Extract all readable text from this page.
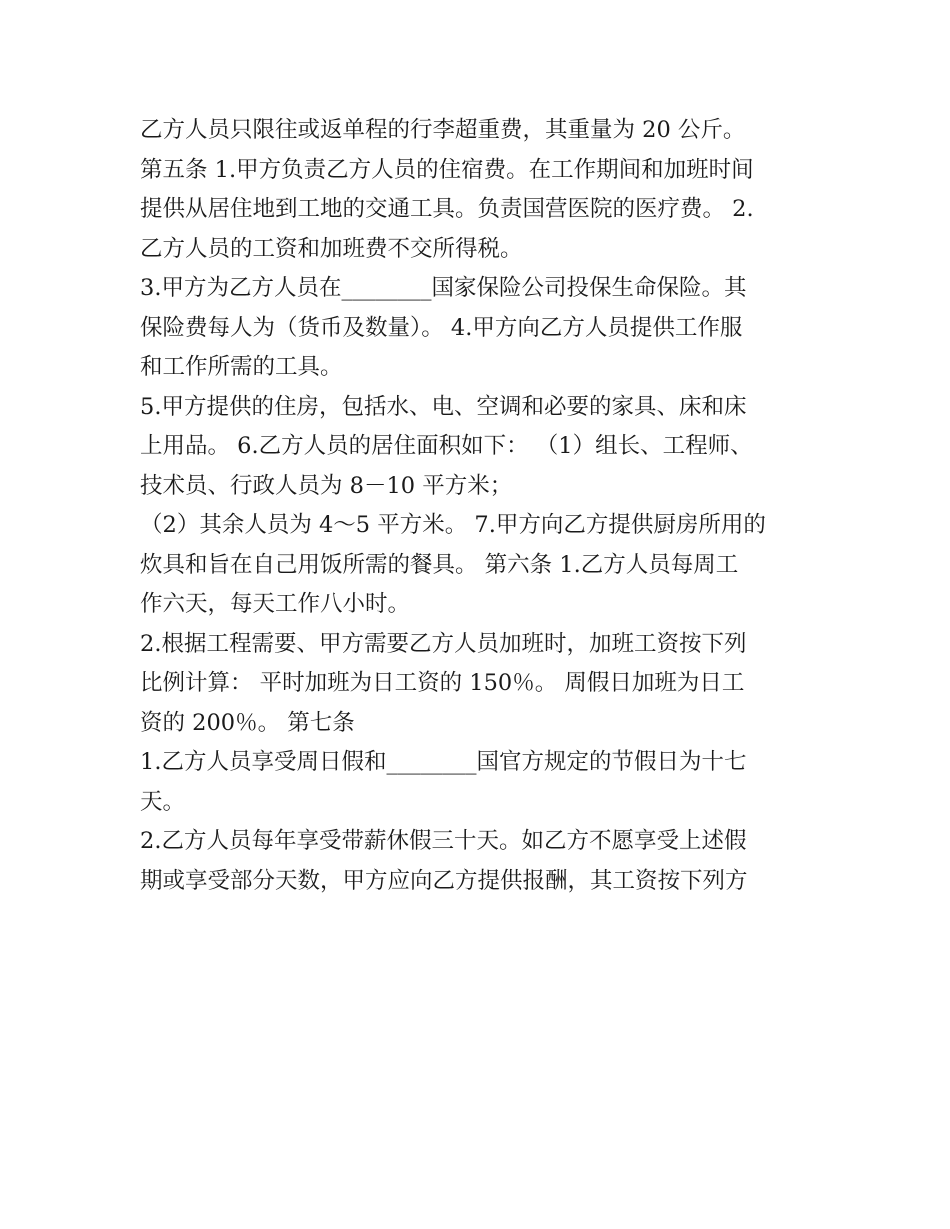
乙方人员只限往或返单程的行李超重费，其重量为 20 公斤。
第五条 1.甲方负责乙方人员的住宿费。在工作期间和加班时间
提供从居住地到工地的交通工具。负责国营医院的医疗费。 2.
乙方人员的工资和加班费不交所得税。
3.甲方为乙方人员在________国家保险公司投保生命保险。其
保险费每人为（货币及数量）。 4.甲方向乙方人员提供工作服
和工作所需的工具。
5.甲方提供的住房，包括水、电、空调和必要的家具、床和床
上用品。 6.乙方人员的居住面积如下： （1）组长、工程师、
技术员、行政人员为 8－10 平方米；
（2）其余人员为 4～5 平方米。 7.甲方向乙方提供厨房所用的
炊具和旨在自己用饭所需的餐具。 第六条 1.乙方人员每周工
作六天，每天工作八小时。
2.根据工程需要、甲方需要乙方人员加班时，加班工资按下列
比例计算： 平时加班为日工资的 150％。 周假日加班为日工
资的 200％。 第七条
1.乙方人员享受周日假和________国官方规定的节假日为十七
天。
2.乙方人员每年享受带薪休假三十天。如乙方不愿享受上述假
期或享受部分天数，甲方应向乙方提供报酬，其工资按下列方
